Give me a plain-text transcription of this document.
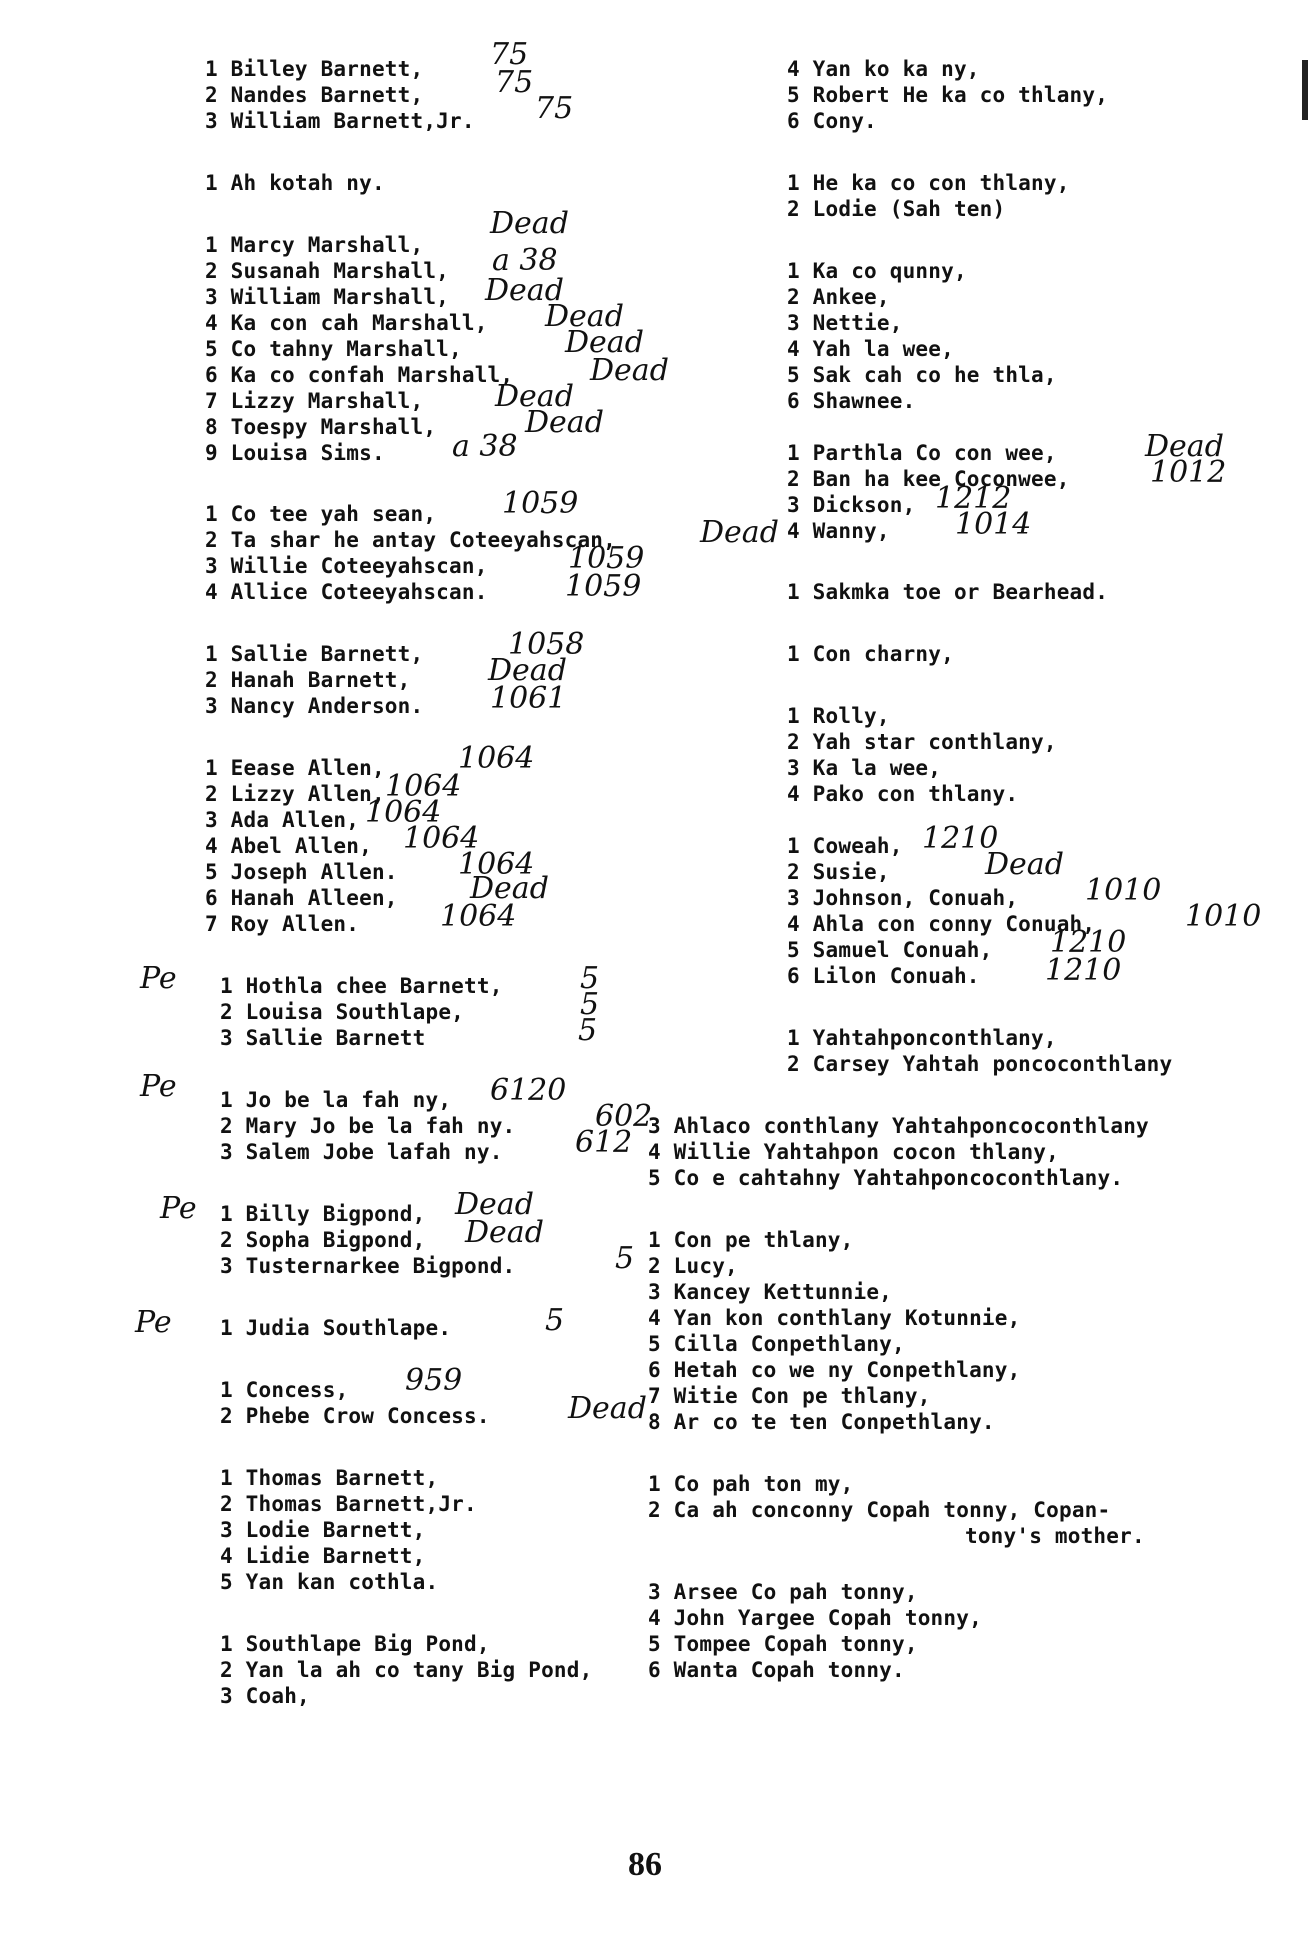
1 Billey Barnett,
2 Nandes Barnett,
3 William Barnett,Jr.
1 Ah kotah ny.
1 Marcy Marshall,
2 Susanah Marshall,
3 William Marshall,
4 Ka con cah Marshall,
5 Co tahny Marshall,
6 Ka co confah Marshall,
7 Lizzy Marshall,
8 Toespy Marshall,
9 Louisa Sims.
1 Co tee yah sean,
2 Ta shar he antay Coteeyahscan,
3 Willie Coteeyahscan,
4 Allice Coteeyahscan.
1 Sallie Barnett,
2 Hanah Barnett,
3 Nancy Anderson.
1 Eease Allen,
2 Lizzy Allen,
3 Ada Allen,
4 Abel Allen,
5 Joseph Allen.
6 Hanah Alleen,
7 Roy Allen.
1 Hothla chee Barnett,
2 Louisa Southlape,
3 Sallie Barnett
1 Jo be la fah ny,
2 Mary Jo be la fah ny.
3 Salem Jobe lafah ny.
1 Billy Bigpond,
2 Sopha Bigpond,
3 Tusternarkee Bigpond.
1 Judia Southlape.
1 Concess,
2 Phebe Crow Concess.
1 Thomas Barnett,
2 Thomas Barnett,Jr.
3 Lodie Barnett,
4 Lidie Barnett,
5 Yan kan cothla.
1 Southlape Big Pond,
2 Yan la ah co tany Big Pond,
3 Coah,
4 Yan ko ka ny,
5 Robert He ka co thlany,
6 Cony.
1 He ka co con thlany,
2 Lodie (Sah ten)
1 Ka co qunny,
2 Ankee,
3 Nettie,
4 Yah la wee,
5 Sak cah co he thla,
6 Shawnee.
1 Parthla Co con wee,
2 Ban ha kee Coconwee,
3 Dickson,
4 Wanny,
1 Sakmka toe or Bearhead.
1 Con charny,
1 Rolly,
2 Yah star conthlany,
3 Ka la wee,
4 Pako con thlany.
1 Coweah,
2 Susie,
3 Johnson, Conuah,
4 Ahla con conny Conuah,
5 Samuel Conuah,
6 Lilon Conuah.
1 Yahtahponconthlany,
2 Carsey Yahtah poncoconthlany
3 Ahlaco conthlany Yahtahponcoconthlany
4 Willie Yahtahpon cocon thlany,
5 Co e cahtahny Yahtahponcoconthlany.
1 Con pe thlany,
2 Lucy,
3 Kancey Kettunnie,
4 Yan kon conthlany Kotunnie,
5 Cilla Conpethlany,
6 Hetah co we ny Conpethlany,
7 Witie Con pe thlany,
8 Ar co te ten Conpethlany.
1 Co pah ton my,
2 Ca ah conconny Copah tonny, Copan-
tony's mother.
3 Arsee Co pah tonny,
4 John Yargee Copah tonny,
5 Tompee Copah tonny,
6 Wanta Copah tonny.
75
75
75
Dead
a 38
Dead
Dead
Dead
Dead
Dead
Dead
a 38
1059
Dead
1059
1059
1058
Dead
1061
1064
1064
1064
1064
1064
Dead
1064
5
5
5
6120
602
612
Dead
Dead
5
5
959
Dead
Dead
1012
1212
1014
1210
Dead
1010
1010
1210
1210
Pe
Pe
Pe
Pe
86
